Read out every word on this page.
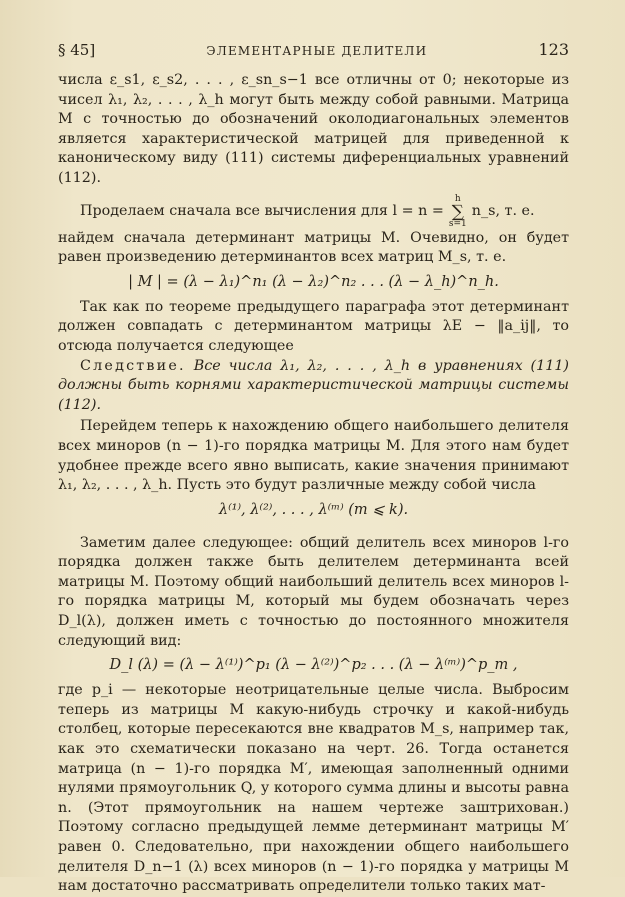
§ 45]	ЭЛЕМЕНТАРНЫЕ ДЕЛИТЕЛИ	123

числа ε_s1, ε_s2, . . . , ε_sn_s−1 все отличны от 0; некоторые из чисел λ₁, λ₂, . . . , λ_h могут быть между собой равными. Матрица M с точностью до обозначений околодиагональных элементов является характеристической матрицей для приведенной к каноническому виду (111) системы диференциальных уравнений (112).

Проделаем сначала все вычисления для l = n =
h
∑
s=1
n_s, т. е.

найдем сначала детерминант матрицы M. Очевидно, он будет равен произведению детерминантов всех матриц M_s, т. е.

| M | = (λ − λ₁)^n₁ (λ − λ₂)^n₂ . . . (λ − λ_h)^n_h.

Так как по теореме предыдущего параграфа этот детерминант должен совпадать с детерминантом матрицы λE − ‖a_ij‖, то отсюда получается следующее

Следствие. Все числа λ₁, λ₂, . . . , λ_h в уравнениях (111) должны быть корнями характеристической матрицы системы (112).

Перейдем теперь к нахождению общего наибольшего делителя всех миноров (n − 1)-го порядка матрицы M. Для этого нам будет удобнее прежде всего явно выписать, какие значения принимают λ₁, λ₂, . . . , λ_h. Пусть это будут различные между собой числа

λ⁽¹⁾, λ⁽²⁾, . . . , λ⁽ᵐ⁾ (m ⩽ k).

Заметим далее следующее: общий делитель всех миноров l-го порядка должен также быть делителем детерминанта всей матрицы M. Поэтому общий наибольший делитель всех миноров l-го порядка матрицы M, который мы будем обозначать через D_l(λ), должен иметь с точностью до постоянного множителя следующий вид:

D_l (λ) = (λ − λ⁽¹⁾)^p₁ (λ − λ⁽²⁾)^p₂ . . . (λ − λ⁽ᵐ⁾)^p_m ,

где p_i — некоторые неотрицательные целые числа. Выбросим теперь из матрицы M какую-нибудь строчку и какой-нибудь столбец, которые пересекаются вне квадратов M_s, например так, как это схематически показано на черт. 26. Тогда останется матрица (n − 1)-го порядка M′, имеющая заполненный одними нулями прямоугольник Q, у которого сумма длины и высоты равна n. (Этот прямоугольник на нашем чертеже заштрихован.) Поэтому согласно предыдущей лемме детерминант матрицы M′ равен 0. Следовательно, при нахождении общего наибольшего делителя D_n−1 (λ) всех миноров (n − 1)-го порядка у матрицы M нам достаточно рассматривать определители только таких мат-
